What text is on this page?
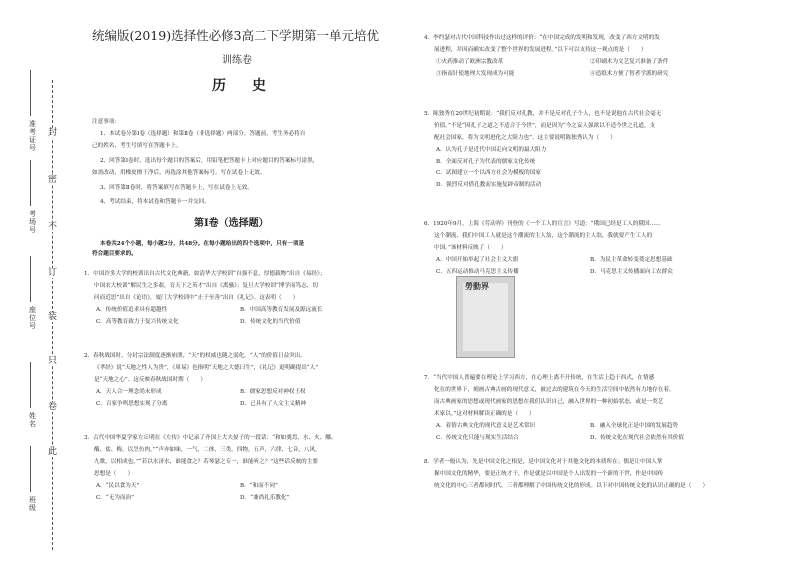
封
密
不
订
装
只
卷
此
准考证号
考场号
座位号
姓名
班级
统编版(2019)选择性必修3高二下学期第一单元培优
训练卷
历　史
注意事项：
1、本试卷分第Ⅰ卷（选择题）和第Ⅱ卷（非选择题）两部分。答题前，考生务必将自
己的姓名、考生号填写在答题卡上。
2、回答第Ⅰ卷时，选出每个题目的答案后，用铅笔把答题卡上对应题目的答案标号涂黑，
如需改动，用橡皮擦干净后，再选涂其他答案标号。写在试卷上无效。
3、回答第Ⅱ卷时，将答案填写在答题卡上，写在试卷上无效。
4、考试结束，将本试卷和答题卡一并交回。
第Ⅰ卷（选择题）
本卷共24个小题，每小题2分，共48分。在每小题给出的四个选项中，只有一项是
符合题目要求的。
1．中国许多大学的校训出自古代文化典籍，如清华大学校训“自强不息，厚德载物”出自《易经》；
中国农大校训“解民生之多艰，育天下之英才”出自《离骚》；复旦大学校训“博学而笃志，切
问而近思”出自《论语》，厦门大学校训中“止于至善”出自《礼记》。这表明（　　）
A．传统价值追求具有超越性	B．中国高等教育发展及源远流长
C．高等教育致力于复兴传统文化	D．传统文化的当代价值
2．春秋战国时，分封宗法制度逐渐崩溃，“天”的权威也随之弱化。“人”的价值日益突出。
《孝经》说“天地之性人为贵”，《周易》也指明“天地之大德曰生”，《礼记》更明确提出“人”
是“天地之心”。这反映春秋战国时期（　　）
A．天人合一理念尚未形成	B．儒家思想反对神权王权
C．百家争鸣思想实现了分离	D．已具有了人文主义精神
3．古代中国华夏学家左丘明在《左传》中记录了齐国上大夫晏子的一段话：“和如羹焉，水、火、醯、
醢、盐、梅，以烹鱼肉，”“声亦如味，一气，二体，三类，四物，五声，六律，七音，八风，
九歌，以相成也。”“若以水济水，谁能食之？若琴瑟之专一，谁能听之？”这些话反映的主要
思想是（　　）
A．“民以食为天”	B．“和而不同”
C．“无为而治”	D．“兼尚礼乐教化”
4．李约瑟对古代中国科技作出过这样的评价：“在中国完成的发明和发现，改变了西方文明的发
展进程，并因而确实改变了整个世界的发展进程。”以下可以支持这一观点的是（　　）
①火药推动了欧洲宗教改革	②印刷术为文艺复兴准备了条件
③指南针使地理大发现成为可能	④造纸术方便了智者学派的研究
5．陈独秀在20世纪初期说：“我们反对孔教，并不是反对孔子个人，也不是说他在古代社会毫无
价值。”不是“因孔子之道之不适合于今世”，而是因为“今之妄人强欲以不适今世之孔道，支
配社会国家，将为文明进化之大阻力也”。这主要说明陈独秀认为（　　）
A．认为孔子是近代中国走向文明的最大阻力
B．全面反对孔子为代表的儒家文化传统
C．试图建立一个以西方社会为模板的国家
D．强烈反对借孔教而实施复辟帝制的活动
6．1920年9月，上海《劳动界》刊登的《一个工人的宣言》写道：“俄国已经是工人的俄国……
这个潮流，我们中国工人就是这个潮流的主人翁，这个潮流的主人翁，我就要产生工人的
中国。”该材料反映了（　　）
A．中国开始举起了社会主义大旗	B．为民主革命转变奠定思想基础
C．五四运动推动马克思主义传播	D．马克思主义传播面向工农群众
7．“当代中国人普遍要在理论上学习西方，在心理上离不开传统，在生活上趋于西式，在情感
化在的世界下，刻画古典古画的现代意义，被过去的建筑在今天的生活空间中依然有力地存在着，
而古典画家的思想或现代画家的思想在我们认识自己，融入世界的一种初始状态，或是一类艺
术家以。”这对材料解读正确的是（　　）
A．着情古典文化的现代意义是艺术常识	B．融入全球化正是中国的发展趋势
C．传统文化只能与现实生活结合	D．传统文化在现代社会依然有其价值
8．学者一般认为，先是中国文化之根是，是中国文化对于其他文化的本质所在；儒是让中国人掌
握中国文化的精华，要是正统才干，作是就是以中国是个人出发的一个新的干世，作是中国传
统文化的中心三者都同时代，三者都理解了中国传统文化的形成。以下对中国传统文化的认识正确的是（　　）
勞動界
